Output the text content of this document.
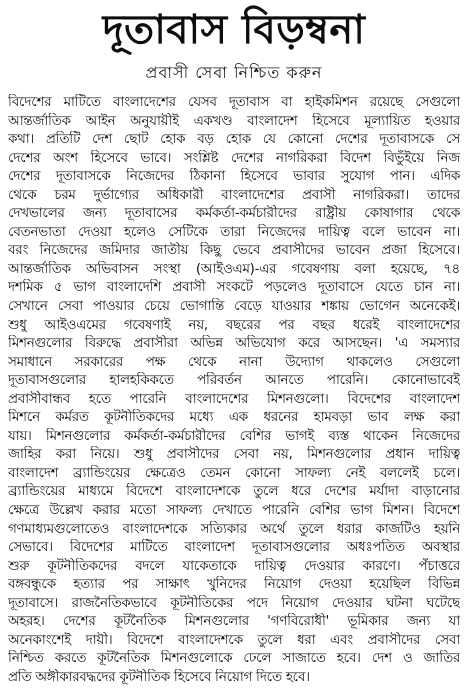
দূতাবাস বিড়ম্বনা
প্রবাসী সেবা নিশ্চিত করুন
বিদেশের মাটিতে বাংলাদেশের যেসব দূতাবাস বা হাইকমিশন রয়েছে সেগুলো
আন্তর্জাতিক আইন অনুযায়ীই একখণ্ড বাংলাদেশ হিসেবে মূল্যায়িত হওয়ার
কথা। প্রতিটি দেশ ছোট হোক বড় হোক যে কোনো দেশের দূতাবাসকে সে
দেশের অংশ হিসেবে ভাবে। সংশ্লিষ্ট দেশের নাগরিকরা বিদেশ বিভুঁইয়ে নিজ
দেশের দূতাবাসকে নিজেদের ঠিকানা হিসেবে ভাবার সুযোগ পান। এদিক
থেকে চরম দুর্ভাগ্যের অধিকারী বাংলাদেশের প্রবাসী নাগরিকরা। তাদের
দেখভালের জন্য দূতাবাসের কর্মকর্তা-কর্মচারীদের রাষ্ট্রীয় কোষাগার থেকে
বেতনভাতা দেওয়া হলেও সেটিকে তারা নিজেদের দায়িত্ব বলে ভাবেন না।
বরং নিজেদের জমিদার জাতীয় কিছু ভেবে প্রবাসীদের ভাবেন প্রজা হিসেবে।
আন্তর্জাতিক অভিবাসন সংস্থা (আইওএম)-এর গবেষণায় বলা হয়েছে, ৭৪
দশমিক ৫ ভাগ বাংলাদেশি প্রবাসী সংকটে পড়লেও দূতাবাসে যেতে চান না।
সেখানে সেবা পাওয়ার চেয়ে ভোগান্তি বেড়ে যাওয়ার শঙ্কায় ভোগেন অনেকেই।
শুধু আইওএমের গবেষণাই নয়, বছরের পর বছর ধরেই বাংলাদেশের
মিশনগুলোর বিরুদ্ধে প্রবাসীরা অভিন্ন অভিযোগ করে আসছেন। 'এ সমস্যার
সমাধানে সরকারের পক্ষ থেকে নানা উদ্যোগ থাকলেও সেগুলো
দূতাবাসগুলোর হালহকিকতে পরিবর্তন আনতে পারেনি। কোনোভাবেই
প্রবাসীবান্ধব হতে পারেনি বাংলাদেশের মিশনগুলো। বিদেশের বাংলাদেশ
মিশনে কর্মরত কূটনীতিকদের মধ্যে এক ধরনের হামবড়া ভাব লক্ষ করা
যায়। মিশনগুলোর কর্মকর্তা-কর্মচারীদের বেশির ভাগই ব্যস্ত থাকেন নিজেদের
জাহির করা নিয়ে। শুধু প্রবাসীদের সেবা নয়, মিশনগুলোর প্রধান দায়িত্ব
বাংলাদেশ ব্র্যান্ডিংয়ের ক্ষেত্রেও তেমন কোনো সাফল্য নেই বললেই চলে।
ব্র্যান্ডিংয়ের মাধ্যমে বিদেশে বাংলাদেশকে তুলে ধরে দেশের মর্যাদা বাড়ানোর
ক্ষেত্রে উল্লেখ করার মতো সাফল্য দেখাতে পারেনি বেশির ভাগ মিশন। বিদেশে
গণমাধ্যমগুলোতেও বাংলাদেশকে সত্যিকার অর্থে তুলে ধরার কাজটিও হয়নি
সেভাবে। বিদেশের মাটিতে বাংলাদেশ দূতাবাসগুলোর অধঃপতিত অবস্থার
শুরু কূটনীতিকদের বদলে যাকেতাকে দায়িত্ব দেওয়ার কারণে। পঁচাত্তরে
বঙ্গবন্ধুকে হত্যার পর সাক্ষাৎ খুনিদের নিয়োগ দেওয়া হয়েছিল বিভিন্ন
দূতাবাসে। রাজনৈতিকভাবে কূটনীতিকের পদে নিয়োগ দেওয়ার ঘটনা ঘটেছে
অহরহ। দেশের কূটনৈতিক মিশনগুলোর 'গণবিরোধী' ভূমিকার জন্য যা
অনেকাংশেই দায়ী। বিদেশে বাংলাদেশকে তুলে ধরা এবং প্রবাসীদের সেবা
নিশ্চিত করতে কূটনৈতিক মিশনগুলোকে ঢেলে সাজাতে হবে। দেশ ও জাতির
প্রতি অঙ্গীকারবদ্ধদের কূটনীতিক হিসেবে নিয়োগ দিতে হবে।
